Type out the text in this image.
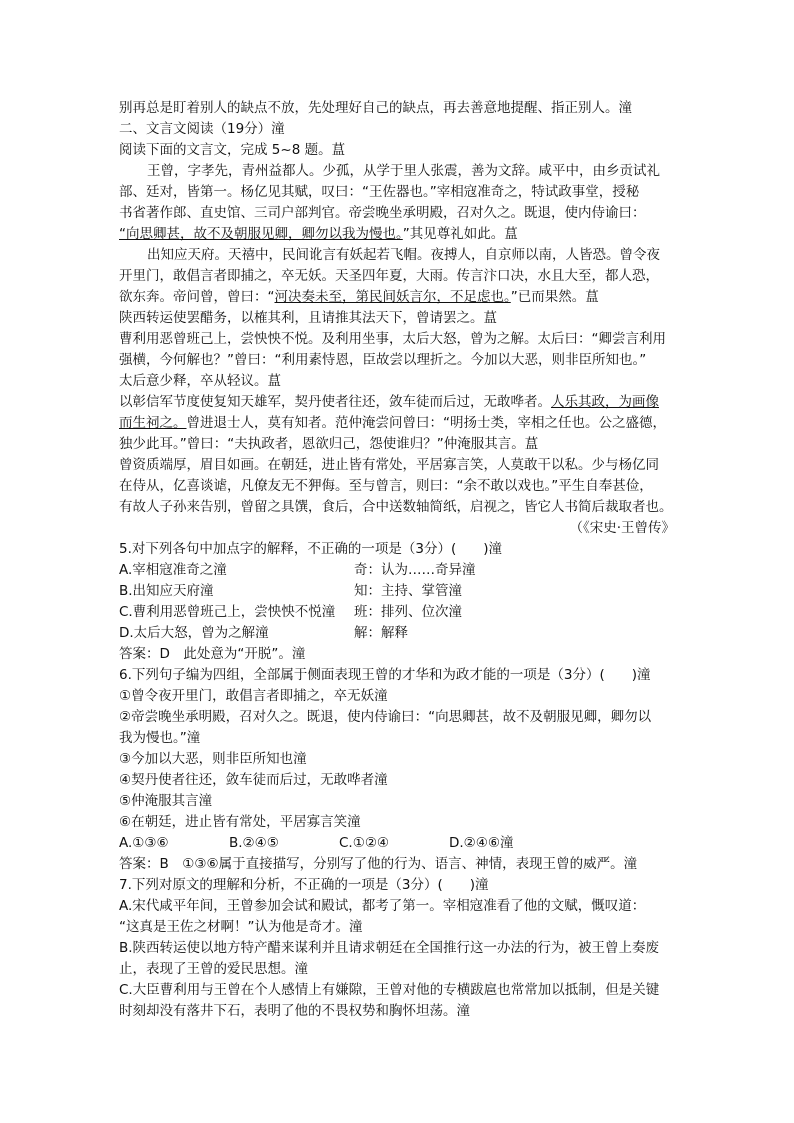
别再总是盯着别人的缺点不放，先处理好自己的缺点，再去善意地提醒、指正别人。潼
二、文言文阅读（19分）潼
阅读下面的文言文，完成 5~8 题。蒀
王曾，字孝先，青州益都人。少孤，从学于里人张震，善为文辞。咸平中，由乡贡试礼
部、廷对，皆第一。杨亿见其赋，叹曰：“王佐器也。”宰相寇准奇之，特试政事堂，授秘
书省著作郎、直史馆、三司户部判官。帝尝晚坐承明殿，召对久之。既退，使内侍谕曰：
“向思卿甚，故不及朝服见卿，卿勿以我为慢也。”其见尊礼如此。蒀
出知应天府。天禧中，民间讹言有妖起若飞帽。夜搏人，自京师以南，人皆恐。曾令夜
开里门，敢倡言者即捕之，卒无妖。天圣四年夏，大雨。传言汴口决，水且大至，都人恐，
欲东奔。帝问曾，曾曰：“河决奏未至，第民间妖言尔，不足虑也。”已而果然。蒀
陕西转运使罢醋务，以榷其利，且请推其法天下，曾请罢之。蒀
曹利用恶曾班己上，尝怏怏不悦。及利用坐事，太后大怒，曾为之解。太后曰：“卿尝言利用
强横，今何解也？”曾曰：“利用素恃恩，臣故尝以理折之。今加以大恶，则非臣所知也。”
太后意少释，卒从轻议。蒀
以彰信军节度使复知天雄军，契丹使者往还，敛车徒而后过，无敢哗者。人乐其政，为画像
而生祠之。曾进退士人，莫有知者。范仲淹尝问曾曰：“明扬士类，宰相之任也。公之盛德，
独少此耳。”曾曰：“夫执政者，恩欲归己，怨使谁归？”仲淹服其言。蒀
曾资质端厚，眉目如画。在朝廷，进止皆有常处，平居寡言笑，人莫敢干以私。少与杨亿同
在侍从，亿喜谈谑，凡僚友无不狎侮。至与曾言，则曰：“余不敢以戏也。”平生自奉甚俭，
有故人子孙来告别，曾留之具馔，食后，合中送数轴简纸，启视之，皆它人书简后裁取者也。
（《宋史·王曾传》
5.对下列各句中加点字的解释，不正确的一项是（3分）(　　)潼
A.宰相寇准奇之潼	奇：认为……奇异潼
B.出知应天府潼	知：主持、掌管潼
C.曹利用恶曾班己上，尝怏怏不悦潼 班：排列、位次潼
D.太后大怒，曾为之解潼	解：解释
答案：D　此处意为“开脱”。潼
6.下列句子编为四组，全部属于侧面表现王曾的才华和为政才能的一项是（3分）(　　)潼
①曾令夜开里门，敢倡言者即捕之，卒无妖潼
②帝尝晚坐承明殿，召对久之。既退，使内侍谕曰：“向思卿甚，故不及朝服见卿，卿勿以
我为慢也。”潼
③今加以大恶，则非臣所知也潼
④契丹使者往还，敛车徒而后过，无敢哗者潼
⑤仲淹服其言潼
⑥在朝廷，进止皆有常处，平居寡言笑潼
A.①③⑥	B.②④⑤	C.①②④	D.②④⑥潼
答案：B　①③⑥属于直接描写，分别写了他的行为、语言、神情，表现王曾的威严。潼
7.下列对原文的理解和分析，不正确的一项是（3分）(　　)潼
A.宋代咸平年间，王曾参加会试和殿试，都考了第一。宰相寇准看了他的文赋，慨叹道：
“这真是王佐之材啊！”认为他是奇才。潼
B.陕西转运使以地方特产醋来谋利并且请求朝廷在全国推行这一办法的行为，被王曾上奏废
止，表现了王曾的爱民思想。潼
C.大臣曹利用与王曾在个人感情上有嫌隙，王曾对他的专横跋扈也常常加以抵制，但是关键
时刻却没有落井下石，表明了他的不畏权势和胸怀坦荡。潼
